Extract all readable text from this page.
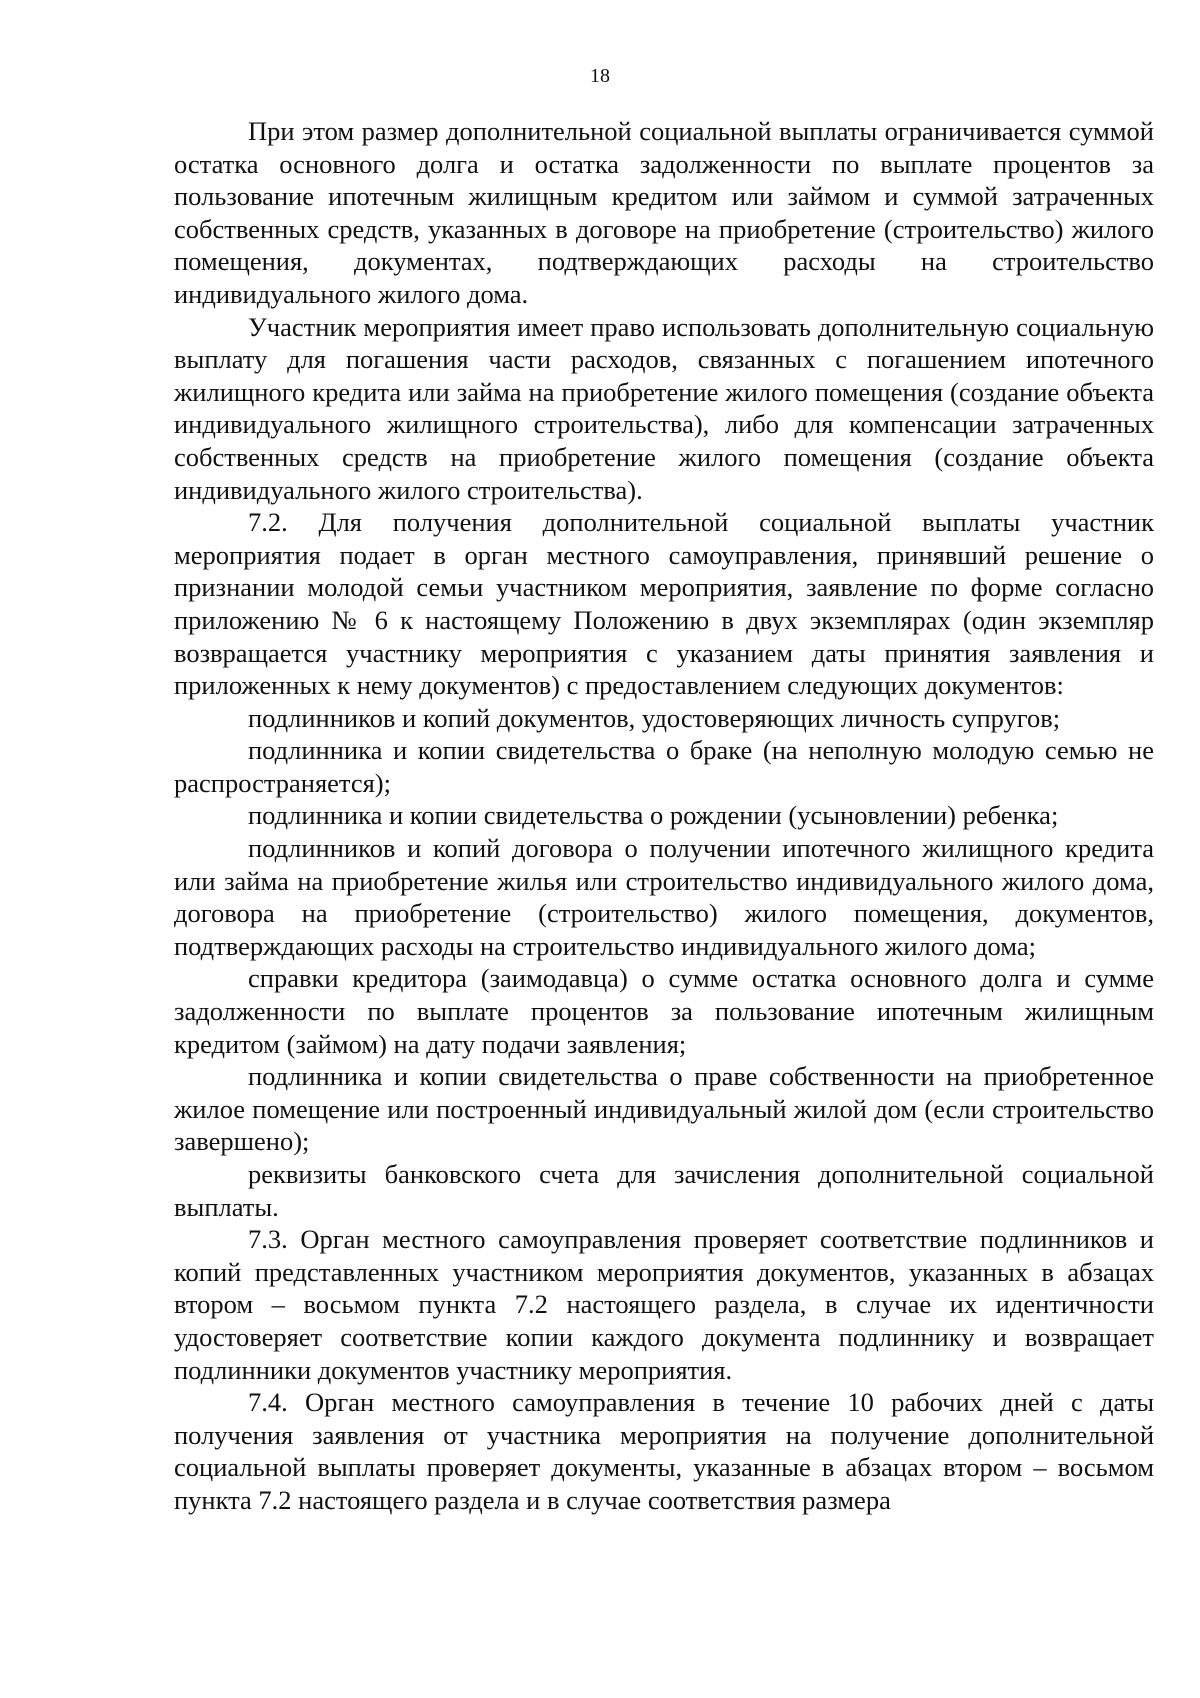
18

При этом размер дополнительной социальной выплаты ограничивается суммой остатка основного долга и остатка задолженности по выплате процентов за пользование ипотечным жилищным кредитом или займом и суммой затраченных собственных средств, указанных в договоре на приобретение (строительство) жилого помещения, документах, подтверждающих расходы на строительство индивидуального жилого дома.

Участник мероприятия имеет право использовать дополнительную социальную выплату для погашения части расходов, связанных с погашением ипотечного жилищного кредита или займа на приобретение жилого помещения (создание объекта индивидуального жилищного строительства), либо для компенсации затраченных собственных средств на приобретение жилого помещения (создание объекта индивидуального жилого строительства).

7.2. Для получения дополнительной социальной выплаты участник мероприятия подает в орган местного самоуправления, принявший решение о признании молодой семьи участником мероприятия, заявление по форме согласно приложению № 6 к настоящему Положению в двух экземплярах (один экземпляр возвращается участнику мероприятия с указанием даты принятия заявления и приложенных к нему документов) с предоставлением следующих документов:

подлинников и копий документов, удостоверяющих личность супругов;

подлинника и копии свидетельства о браке (на неполную молодую семью не распространяется);

подлинника и копии свидетельства о рождении (усыновлении) ребенка;

подлинников и копий договора о получении ипотечного жилищного кредита или займа на приобретение жилья или строительство индивидуального жилого дома, договора на приобретение (строительство) жилого помещения, документов, подтверждающих расходы на строительство индивидуального жилого дома;

справки кредитора (заимодавца) о сумме остатка основного долга и сумме задолженности по выплате процентов за пользование ипотечным жилищным кредитом (займом) на дату подачи заявления;

подлинника и копии свидетельства о праве собственности на приобретенное жилое помещение или построенный индивидуальный жилой дом (если строительство завершено);

реквизиты банковского счета для зачисления дополнительной социальной выплаты.

7.3. Орган местного самоуправления проверяет соответствие подлинников и копий представленных участником мероприятия документов, указанных в абзацах втором – восьмом пункта 7.2 настоящего раздела, в случае их идентичности удостоверяет соответствие копии каждого документа подлиннику и возвращает подлинники документов участнику мероприятия.

7.4. Орган местного самоуправления в течение 10 рабочих дней с даты получения заявления от участника мероприятия на получение дополнительной социальной выплаты проверяет документы, указанные в абзацах втором – восьмом пункта 7.2 настоящего раздела и в случае соответствия размера
